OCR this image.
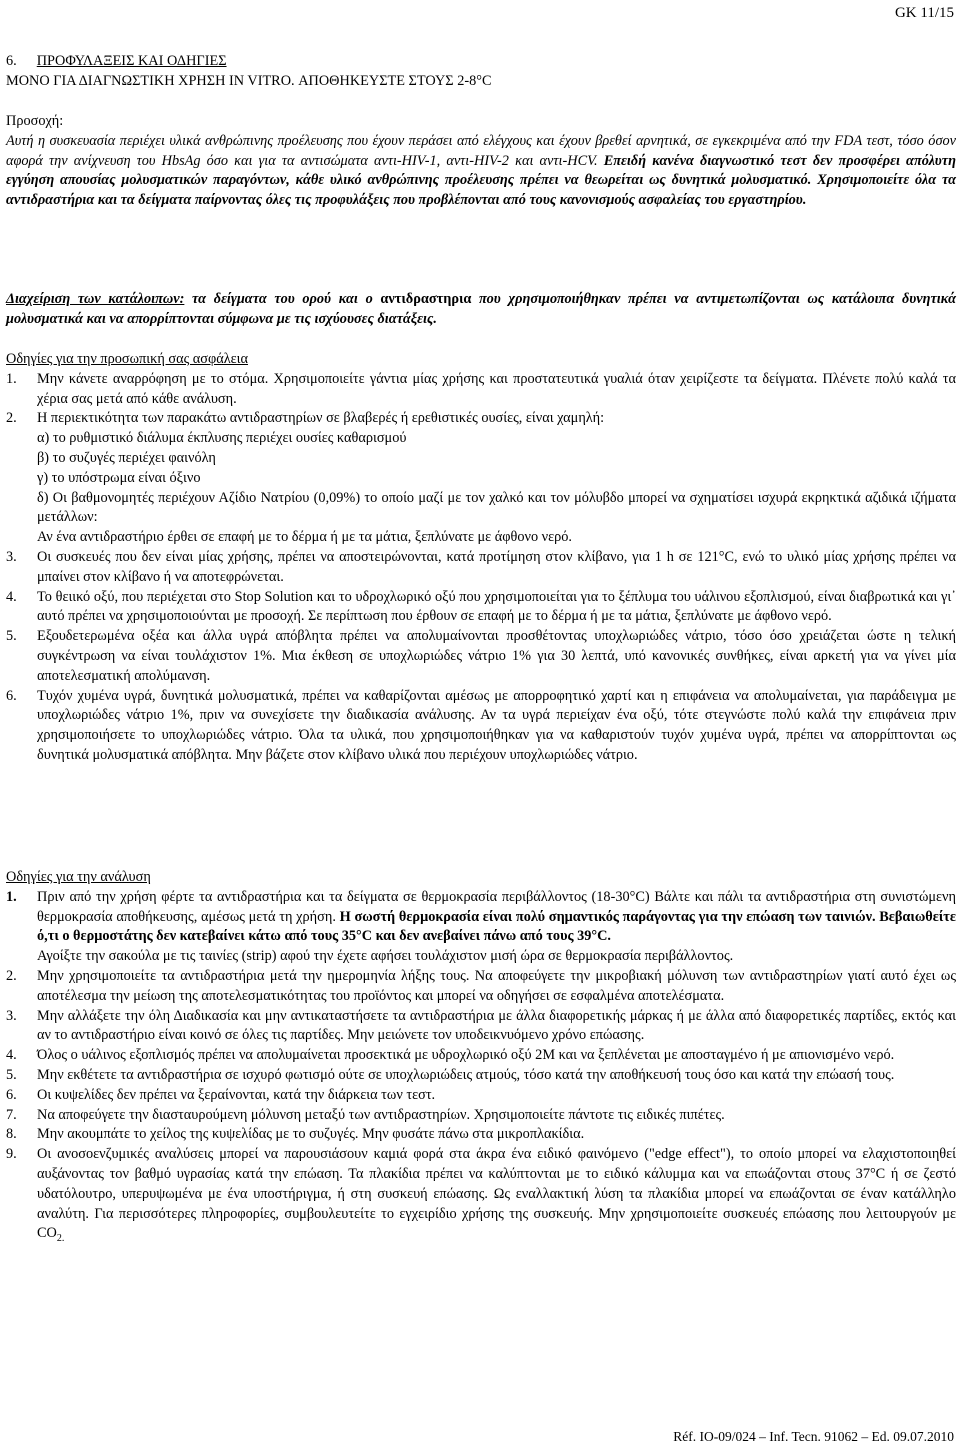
GK 11/15

6. ΠΡΟΦΥΛΑΞΕΙΣ ΚΑΙ ΟΔΗΓΙΕΣ

ΜΟΝΟ ΓΙΑ ΔΙΑΓΝΩΣΤΙΚΗ ΧΡΗΣΗ IN VITRO. ΑΠΟΘΗΚΕΥΣΤΕ ΣΤΟΥΣ 2-8°C

Προσοχή:

Αυτή η συσκευασία περιέχει υλικά ανθρώπινης προέλευσης που έχουν περάσει από ελέγχους και έχουν βρεθεί αρνητικά, σε εγκεκριμένα από την FDA τεστ, τόσο όσον αφορά την ανίχνευση του HbsAg όσο και για τα αντισώματα αντι-HIV-1, αντι-HIV-2 και αντι-HCV. Επειδή κανένα διαγνωστικό τεστ δεν προσφέρει απόλυτη εγγύηση απουσίας μολυσματικών παραγόντων, κάθε υλικό ανθρώπινης προέλευσης πρέπει να θεωρείται ως δυνητικά μολυσματικό. Χρησιμοποιείτε όλα τα αντιδραστήρια και τα δείγματα παίρνοντας όλες τις προφυλάξεις που προβλέπονται από τους κανονισμούς ασφαλείας του εργαστηρίου.

Διαχείριση των κατάλοιπων: τα δείγματα του ορού και ο αντιδραστηρια που χρησιμοποιήθηκαν πρέπει να αντιμετωπίζονται ως κατάλοιπα δυνητικά μολυσματικά και να απορρίπτονται σύμφωνα με τις ισχύουσες διατάξεις.

Οδηγίες για την προσωπική σας ασφάλεια

1. Μην κάνετε αναρρόφηση με το στόμα. Χρησιμοποιείτε γάντια μίας χρήσης και προστατευτικά γυαλιά όταν χειρίζεστε τα δείγματα. Πλένετε πολύ καλά τα χέρια σας μετά από κάθε ανάλυση.
2. Η περιεκτικότητα των παρακάτω αντιδραστηρίων σε βλαβερές ή ερεθιστικές ουσίες, είναι χαμηλή:
α) το ρυθμιστικό διάλυμα έκπλυσης περιέχει ουσίες καθαρισμού
β) το συζυγές περιέχει φαινόλη
γ) το υπόστρωμα είναι όξινο
δ) Οι βαθμονομητές περιέχουν Αζίδιο Νατρίου (0,09%) το οποίο μαζί με τον χαλκό και τον μόλυβδο μπορεί να σχηματίσει ισχυρά εκρηκτικά αζιδικά ιζήματα μετάλλων:
Αν ένα αντιδραστήριο έρθει σε επαφή με το δέρμα ή με τα μάτια, ξεπλύνατε με άφθονο νερό.
3. Οι συσκευές που δεν είναι μίας χρήσης, πρέπει να αποστειρώνονται, κατά προτίμηση στον κλίβανο, για 1 h σε 121°C, ενώ το υλικό μίας χρήσης πρέπει να μπαίνει στον κλίβανο ή να αποτεφρώνεται.
4. Το θειικό οξύ, που περιέχεται στο Stop Solution και το υδροχλωρικό οξύ που χρησιμοποιείται για το ξέπλυμα του υάλινου εξοπλισμού, είναι διαβρωτικά και γι᾽ αυτό πρέπει να χρησιμοποιούνται με προσοχή. Σε περίπτωση που έρθουν σε επαφή με το δέρμα ή με τα μάτια, ξεπλύνατε με άφθονο νερό.
5. Εξουδετερωμένα οξέα και άλλα υγρά απόβλητα πρέπει να απολυμαίνονται προσθέτοντας υποχλωριώδες νάτριο, τόσο όσο χρειάζεται ώστε η τελική συγκέντρωση να είναι τουλάχιστον 1%. Μια έκθεση σε υποχλωριώδες νάτριο 1% για 30 λεπτά, υπό κανονικές συνθήκες, είναι αρκετή για να γίνει μία αποτελεσματική απολύμανση.
6. Τυχόν χυμένα υγρά, δυνητικά μολυσματικά, πρέπει να καθαρίζονται αμέσως με απορροφητικό χαρτί και η επιφάνεια να απολυμαίνεται, για παράδειγμα με υποχλωριώδες νάτριο 1%, πριν να συνεχίσετε την διαδικασία ανάλυσης. Αν τα υγρά περιείχαν ένα οξύ, τότε στεγνώστε πολύ καλά την επιφάνεια πριν χρησιμοποιήσετε το υποχλωριώδες νάτριο. Όλα τα υλικά, που χρησιμοποιήθηκαν για να καθαριστούν τυχόν χυμένα υγρά, πρέπει να απορρίπτονται ως δυνητικά μολυσματικά απόβλητα. Μην βάζετε στον κλίβανο υλικά που περιέχουν υποχλωριώδες νάτριο.

Οδηγίες για την ανάλυση

1. Πριν από την χρήση φέρτε τα αντιδραστήρια και τα δείγματα σε θερμοκρασία περιβάλλοντος (18-30°C) Βάλτε και πάλι τα αντιδραστήρια στη συνιστώμενη θερμοκρασία αποθήκευσης, αμέσως μετά τη χρήση. Η σωστή θερμοκρασία είναι πολύ σημαντικός παράγοντας για την επώαση των ταινιών. Βεβαιωθείτε ό,τι ο θερμοστάτης δεν κατεβαίνει κάτω από τους 35°C και δεν ανεβαίνει πάνω από τους 39°C.
Αγοίξτε την σακούλα με τις ταινίες (strip) αφού την έχετε αφήσει τουλάχιστον μισή ώρα σε θερμοκρασία περιβάλλοντος.
2. Μην χρησιμοποιείτε τα αντιδραστήρια μετά την ημερομηνία λήξης τους. Να αποφεύγετε την μικροβιακή μόλυνση των αντιδραστηρίων γιατί αυτό έχει ως αποτέλεσμα την μείωση της αποτελεσματικότητας του προϊόντος και μπορεί να οδηγήσει σε εσφαλμένα αποτελέσματα.
3. Μην αλλάξετε την όλη Διαδικασία και μην αντικαταστήσετε τα αντιδραστήρια με άλλα διαφορετικής μάρκας ή με άλλα από διαφορετικές παρτίδες, εκτός και αν το αντιδραστήριο είναι κοινό σε όλες τις παρτίδες. Μην μειώνετε τον υποδεικνυόμενο χρόνο επώασης.
4. Όλος ο υάλινος εξοπλισμός πρέπει να απολυμαίνεται προσεκτικά με υδροχλωρικό οξύ 2M και να ξεπλένεται με αποσταγμένο ή με απιονισμένο νερό.
5. Μην εκθέτετε τα αντιδραστήρια σε ισχυρό φωτισμό ούτε σε υποχλωριώδεις ατμούς, τόσο κατά την αποθήκευσή τους όσο και κατά την επώασή τους.
6. Οι κυψελίδες δεν πρέπει να ξεραίνονται, κατά την διάρκεια των τεστ.
7. Να αποφεύγετε την διασταυρούμενη μόλυνση μεταξύ των αντιδραστηρίων. Χρησιμοποιείτε πάντοτε τις ειδικές πιπέτες.
8. Μην ακουμπάτε το χείλος της κυψελίδας με το συζυγές. Μην φυσάτε πάνω στα μικροπλακίδια.
9. Οι ανοσοενζυμικές αναλύσεις μπορεί να παρουσιάσουν καμιά φορά στα άκρα ένα ειδικό φαινόμενο ("edge effect"), το οποίο μπορεί να ελαχιστοποιηθεί αυξάνοντας τον βαθμό υγρασίας κατά την επώαση. Τα πλακίδια πρέπει να καλύπτονται με το ειδικό κάλυμμα και να επωάζονται στους 37°C ή σε ζεστό υδατόλουτρο, υπερυψωμένα με ένα υποστήριγμα, ή στη συσκευή επώασης. Ως εναλλακτική λύση τα πλακίδια μπορεί να επωάζονται σε έναν κατάλληλο αναλύτη. Για περισσότερες πληροφορίες, συμβουλευτείτε το εγχειρίδιο χρήσης της συσκευής. Μην χρησιμοποιείτε συσκευές επώασης που λειτουργούν με $CO_{2.}$
Réf. IO-09/024 – Inf. Tecn. 91062 – Ed. 09.07.2010
